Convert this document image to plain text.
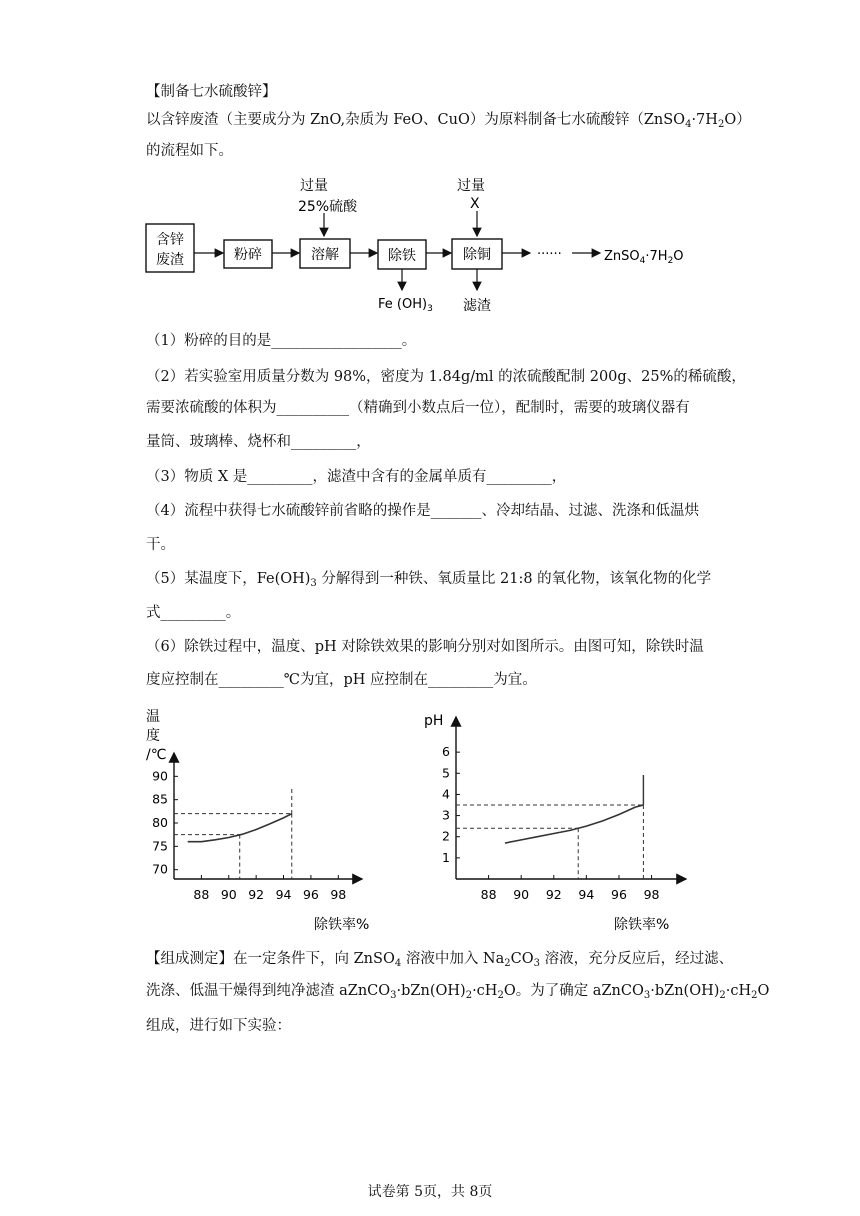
【制备七水硫酸锌】
以含锌废渣（主要成分为 ZnO,杂质为 FeO、CuO）为原料制备七水硫酸锌$(ZnSO_4\cdot 7H_2O)$
的流程如下。
过量
25%硫酸
过量
X
含锌
废渣	粉碎	溶解	除铁	除铜	······	$ZnSO_4\cdot 7H_2O$
Fe $(OH)_3$ 滤渣
（1）粉碎的目的是__________________。
（2）若实验室用质量分数为 98%，密度为 1.84g/ml 的浓硫酸配制 200g、25%的稀硫酸，
需要浓硫酸的体积为__________（精确到小数点后一位），配制时，需要的玻璃仪器有
量筒、玻璃棒、烧杯和_________，
（3）物质 X 是_________，滤渣中含有的金属单质有_________，
（4）流程中获得七水硫酸锌前省略的操作是_______、冷却结晶、过滤、洗涤和低温烘
干。
（5）某温度下，$Fe(OH)_3$ 分解得到一种铁、氧质量比 21:8 的氧化物，该氧化物的化学
式_________。
（6）除铁过程中，温度、pH 对除铁效果的影响分别对如图所示。由图可知，除铁时温
度应控制在_________℃为宜，pH 应控制在_________为宜。
88 90 92 94 96 98
70
75
80
85
90
温
度
/℃
除铁率%
88 90 92 94 96 98
1
2
3
4
5
6
pH
除铁率%
【组成测定】在一定条件下，向 ZnSO$_4$ 溶液中加入 $Na_2CO_3$ 溶液，充分反应后，经过滤、
洗涤、低温干燥得到纯净滤渣 $aZnCO_3\cdot bZn(OH)_2\cdot cH_2O$。为了确定 $aZnCO_3\cdot bZn(OH)_2\cdot cH_2O$
组成，进行如下实验：
试卷第 5页，共 8页
